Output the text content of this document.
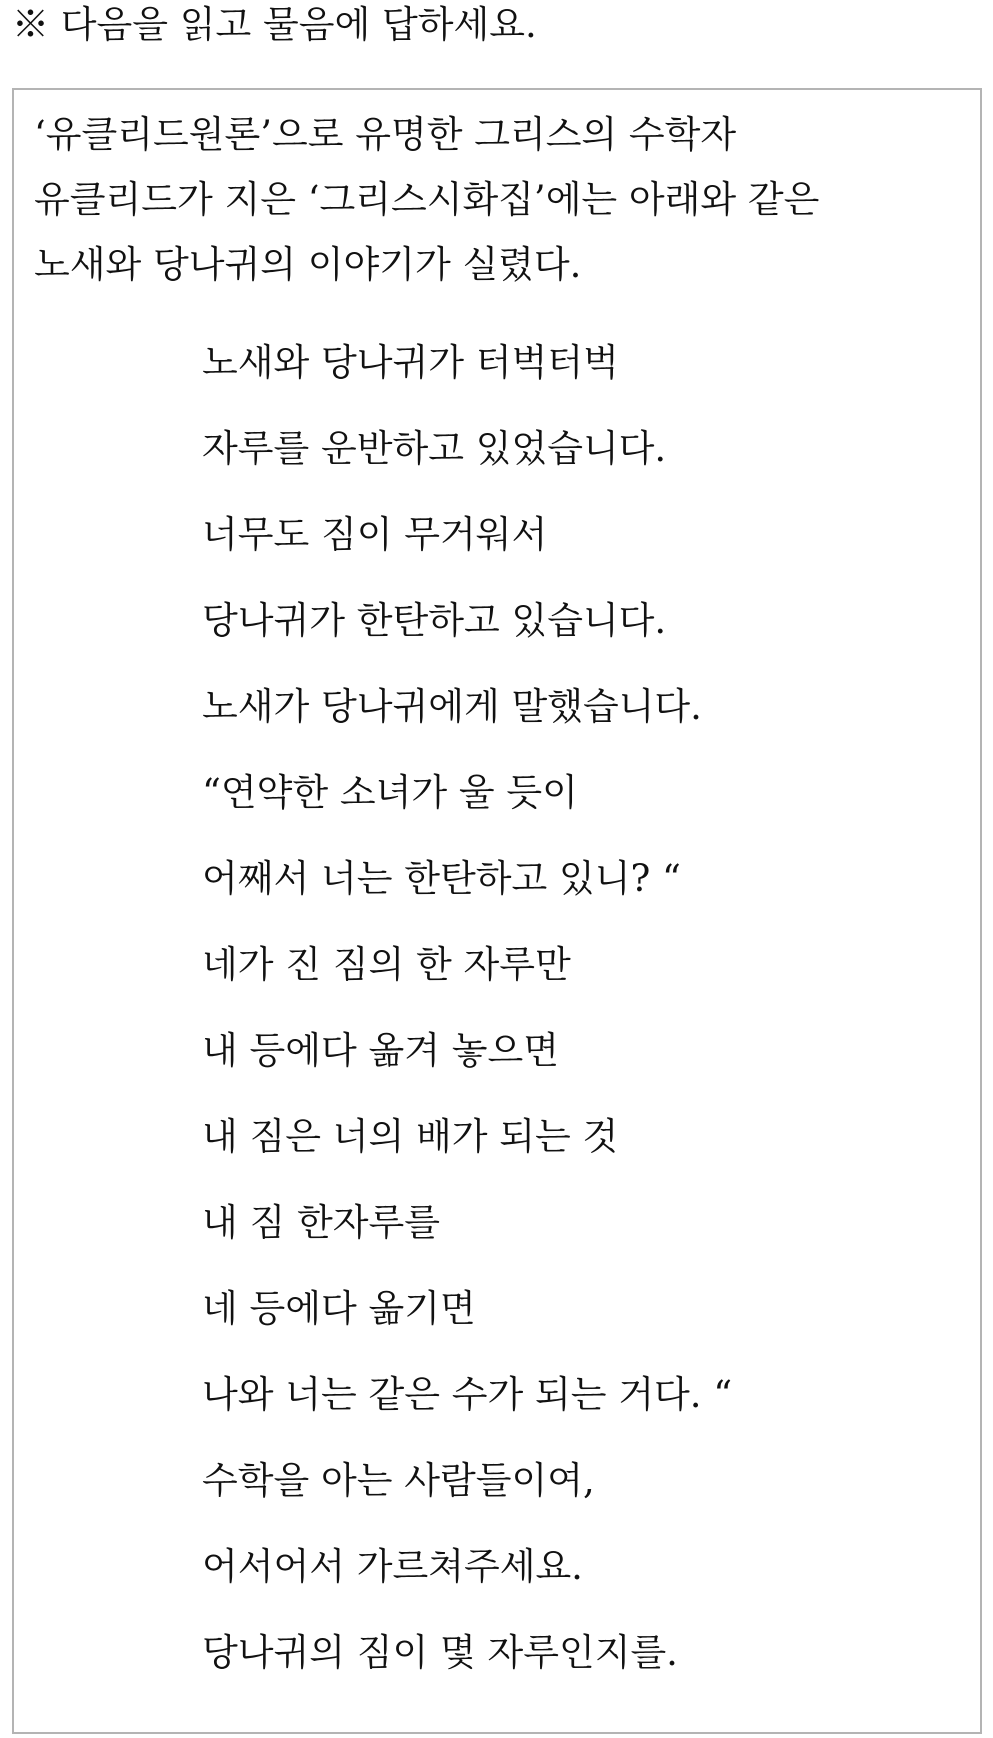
※ 다음을 읽고 물음에 답하세요.
‘유클리드원론’으로 유명한 그리스의 수학자
유클리드가 지은 ‘그리스시화집’에는 아래와 같은
노새와 당나귀의 이야기가 실렸다.
노새와 당나귀가 터벅터벅
자루를 운반하고 있었습니다.
너무도 짐이 무거워서
당나귀가 한탄하고 있습니다.
노새가 당나귀에게 말했습니다.
“연약한 소녀가 울 듯이
어째서 너는 한탄하고 있니? “
네가 진 짐의 한 자루만
내 등에다 옮겨 놓으면
내 짐은 너의 배가 되는 것
내 짐 한자루를
네 등에다 옮기면
나와 너는 같은 수가 되는 거다. “
수학을 아는 사람들이여,
어서어서 가르쳐주세요.
당나귀의 짐이 몇 자루인지를.
